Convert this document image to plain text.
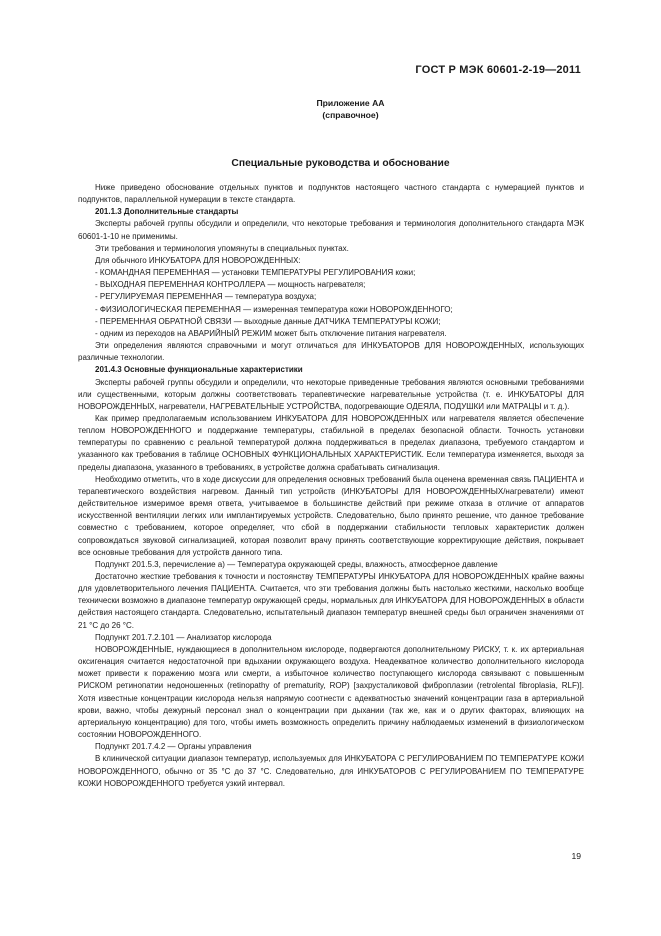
ГОСТ Р МЭК 60601-2-19—2011
Приложение АА
(справочное)
Специальные руководства и обоснование

Ниже приведено обоснование отдельных пунктов и подпунктов настоящего частного стандарта с нумерацией пунктов и подпунктов, параллельной нумерации в тексте стандарта.

201.1.3 Дополнительные стандарты

Эксперты рабочей группы обсудили и определили, что некоторые требования и терминология дополнительного стандарта МЭК 60601-1-10 не применимы.

Эти требования и терминология упомянуты в специальных пунктах.

Для обычного ИНКУБАТОРА ДЛЯ НОВОРОЖДЕННЫХ:

- КОМАНДНАЯ ПЕРЕМЕННАЯ — установки ТЕМПЕРАТУРЫ РЕГУЛИРОВАНИЯ кожи;

- ВЫХОДНАЯ ПЕРЕМЕННАЯ КОНТРОЛЛЕРА — мощность нагревателя;

- РЕГУЛИРУЕМАЯ ПЕРЕМЕННАЯ — температура воздуха;

- ФИЗИОЛОГИЧЕСКАЯ ПЕРЕМЕННАЯ — измеренная температура кожи НОВОРОЖДЕННОГО;

- ПЕРЕМЕННАЯ ОБРАТНОЙ СВЯЗИ — выходные данные ДАТЧИКА ТЕМПЕРАТУРЫ КОЖИ;

- одним из переходов на АВАРИЙНЫЙ РЕЖИМ может быть отключение питания нагревателя.

Эти определения являются справочными и могут отличаться для ИНКУБАТОРОВ ДЛЯ НОВОРОЖДЕННЫХ, использующих различные технологии.

201.4.3 Основные функциональные характеристики

Эксперты рабочей группы обсудили и определили, что некоторые приведенные требования являются основными требованиями или существенными, которым должны соответствовать терапевтические нагревательные устройства (т. е. ИНКУБАТОРЫ ДЛЯ НОВОРОЖДЕННЫХ, нагреватели, НАГРЕВАТЕЛЬНЫЕ УСТРОЙСТВА, подогревающие ОДЕЯЛА, ПОДУШКИ или МАТРАЦЫ и т. д.).

Как пример предполагаемым использованием ИНКУБАТОРА ДЛЯ НОВОРОЖДЕННЫХ или нагревателя является обеспечение теплом НОВОРОЖДЕННОГО и поддержание температуры, стабильной в пределах безопасной области. Точность установки температуры по сравнению с реальной температурой должна поддерживаться в пределах диапазона, требуемого стандартом и указанного как требования в таблице ОСНОВНЫХ ФУНКЦИОНАЛЬНЫХ ХАРАКТЕРИСТИК. Если температура изменяется, выходя за пределы диапазона, указанного в требованиях, в устройстве должна срабатывать сигнализация.

Необходимо отметить, что в ходе дискуссии для определения основных требований была оценена временная связь ПАЦИЕНТА и терапевтического воздействия нагревом. Данный тип устройств (ИНКУБАТОРЫ ДЛЯ НОВОРОЖДЕННЫХ/нагреватели) имеют действительное измеримое время ответа, учитываемое в большинстве действий при режиме отказа в отличие от аппаратов искусственной вентиляции легких или имплантируемых устройств. Следовательно, было принято решение, что данное требование совместно с требованием, которое определяет, что сбой в поддержании стабильности тепловых характеристик должен сопровождаться звуковой сигнализацией, которая позволит врачу принять соответствующие корректирующие действия, покрывает все основные требования для устройств данного типа.

Подпункт 201.5.3, перечисление а) — Температура окружающей среды, влажность, атмосферное давление

Достаточно жесткие требования к точности и постоянству ТЕМПЕРАТУРЫ ИНКУБАТОРА ДЛЯ НОВОРОЖДЕННЫХ крайне важны для удовлетворительного лечения ПАЦИЕНТА. Считается, что эти требования должны быть настолько жесткими, насколько вообще технически возможно в диапазоне температур окружающей среды, нормальных для ИНКУБАТОРА ДЛЯ НОВОРОЖДЕННЫХ в области действия настоящего стандарта. Следовательно, испытательный диапазон температур внешней среды был ограничен значениями от 21 °С до 26 °С.

Подпункт 201.7.2.101 — Анализатор кислорода

НОВОРОЖДЕННЫЕ, нуждающиеся в дополнительном кислороде, подвергаются дополнительному РИСКУ, т. к. их артериальная оксигенация считается недостаточной при вдыхании окружающего воздуха. Неадекватное количество дополнительного кислорода может привести к поражению мозга или смерти, а избыточное количество поступающего кислорода связывают с повышенным РИСКОМ ретинопатии недоношенных (retinopathy of prematurity, ROP) [захрусталиковой фиброплазии (retrolental fibroplasia, RLF)]. Хотя известные концентрации кислорода нельзя напрямую соотнести с адекватностью значений концентрации газа в артериальной крови, важно, чтобы дежурный персонал знал о концентрации при дыхании (так же, как и о других факторах, влияющих на артериальную концентрацию) для того, чтобы иметь возможность определить причину наблюдаемых изменений в физиологическом состоянии НОВОРОЖДЕННОГО.

Подпункт 201.7.4.2 — Органы управления

В клинической ситуации диапазон температур, используемых для ИНКУБАТОРА С РЕГУЛИРОВАНИЕМ ПО ТЕМПЕРАТУРЕ КОЖИ НОВОРОЖДЕННОГО, обычно от 35 °С до 37 °С. Следовательно, для ИНКУБАТОРОВ С РЕГУЛИРОВАНИЕМ ПО ТЕМПЕРАТУРЕ КОЖИ НОВОРОЖДЕННОГО требуется узкий интервал.

19
